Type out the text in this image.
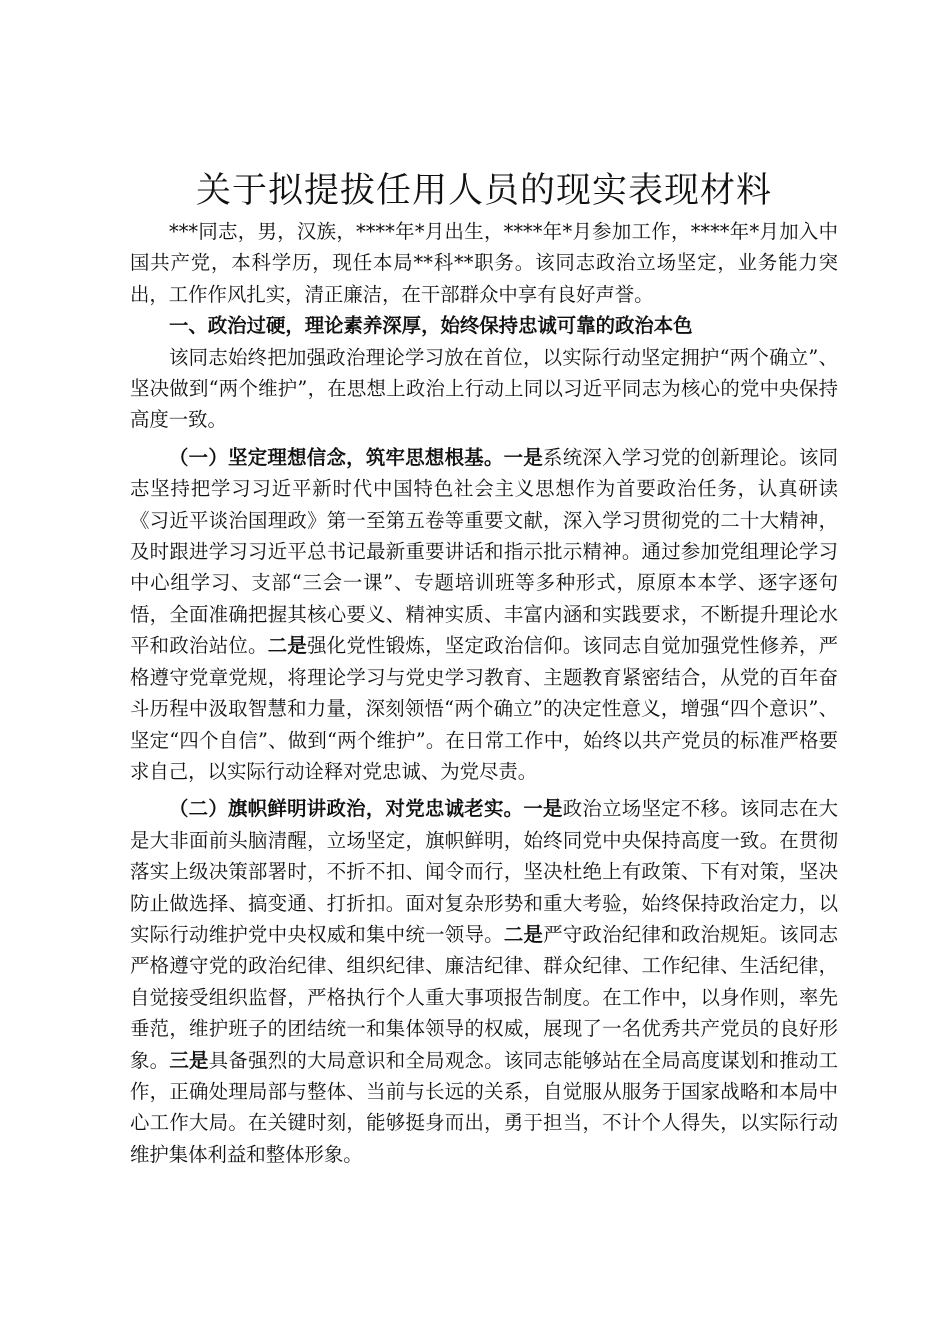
关于拟提拔任用人员的现实表现材料

***同志，男，汉族，****年*月出生，****年*月参加工作，****年*月加入中国共产党，本科学历，现任本局**科**职务。该同志政治立场坚定，业务能力突出，工作作风扎实，清正廉洁，在干部群众中享有良好声誉。

一、政治过硬，理论素养深厚，始终保持忠诚可靠的政治本色

该同志始终把加强政治理论学习放在首位，以实际行动坚定拥护“两个确立”、坚决做到“两个维护”，在思想上政治上行动上同以习近平同志为核心的党中央保持高度一致。

（一）坚定理想信念，筑牢思想根基。一是系统深入学习党的创新理论。该同志坚持把学习习近平新时代中国特色社会主义思想作为首要政治任务，认真研读《习近平谈治国理政》第一至第五卷等重要文献，深入学习贯彻党的二十大精神，及时跟进学习习近平总书记最新重要讲话和指示批示精神。通过参加党组理论学习中心组学习、支部“三会一课”、专题培训班等多种形式，原原本本学、逐字逐句悟，全面准确把握其核心要义、精神实质、丰富内涵和实践要求，不断提升理论水平和政治站位。二是强化党性锻炼，坚定政治信仰。该同志自觉加强党性修养，严格遵守党章党规，将理论学习与党史学习教育、主题教育紧密结合，从党的百年奋斗历程中汲取智慧和力量，深刻领悟“两个确立”的决定性意义，增强“四个意识”、坚定“四个自信”、做到“两个维护”。在日常工作中，始终以共产党员的标准严格要求自己，以实际行动诠释对党忠诚、为党尽责。

（二）旗帜鲜明讲政治，对党忠诚老实。一是政治立场坚定不移。该同志在大是大非面前头脑清醒，立场坚定，旗帜鲜明，始终同党中央保持高度一致。在贯彻落实上级决策部署时，不折不扣、闻令而行，坚决杜绝上有政策、下有对策，坚决防止做选择、搞变通、打折扣。面对复杂形势和重大考验，始终保持政治定力，以实际行动维护党中央权威和集中统一领导。二是严守政治纪律和政治规矩。该同志严格遵守党的政治纪律、组织纪律、廉洁纪律、群众纪律、工作纪律、生活纪律，自觉接受组织监督，严格执行个人重大事项报告制度。在工作中，以身作则，率先垂范，维护班子的团结统一和集体领导的权威，展现了一名优秀共产党员的良好形象。三是具备强烈的大局意识和全局观念。该同志能够站在全局高度谋划和推动工作，正确处理局部与整体、当前与长远的关系，自觉服从服务于国家战略和本局中心工作大局。在关键时刻，能够挺身而出，勇于担当，不计个人得失，以实际行动维护集体利益和整体形象。
